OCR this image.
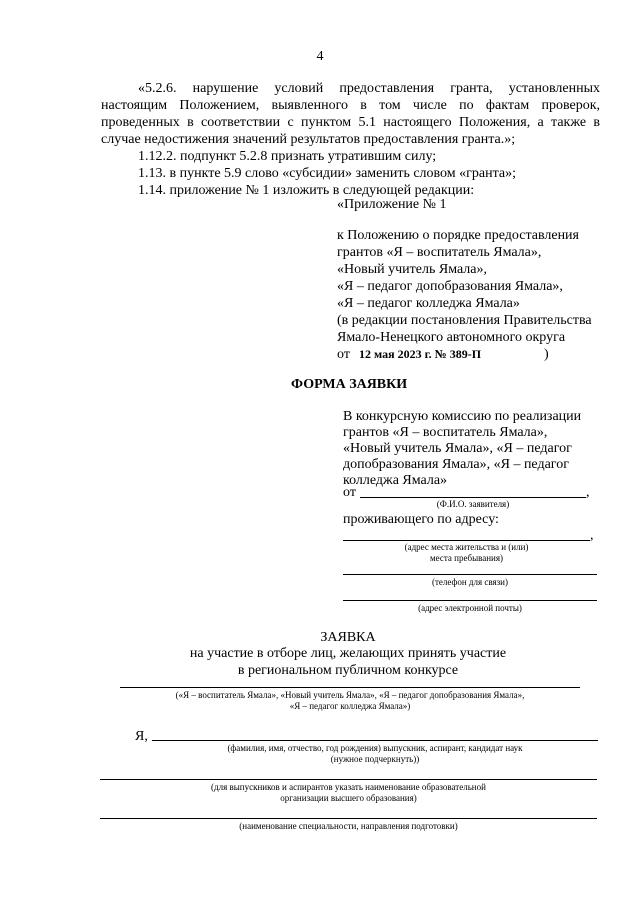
4
«5.2.6. нарушение условий предоставления гранта, установленных
настоящим Положением, выявленного в том числе по фактам проверок,
проведенных в соответствии с пунктом 5.1 настоящего Положения, а также в
случае недостижения значений результатов предоставления гранта.»;
1.12.2. подпункт 5.2.8 признать утратившим силу;
1.13. в пункте 5.9 слово «субсидии» заменить словом «гранта»;
1.14. приложение № 1 изложить в следующей редакции:
«Приложение № 1
к Положению о порядке предоставления
грантов «Я – воспитатель Ямала»,
«Новый учитель Ямала»,
«Я – педагог допобразования Ямала»,
«Я – педагог колледжа Ямала»
(в редакции постановления Правительства
Ямало-Ненецкого автономного округа
от 12 мая 2023 г. № 389-П	)
ФОРМА ЗАЯВКИ
В конкурсную комиссию по реализации
грантов «Я – воспитатель Ямала»,
«Новый учитель Ямала», «Я – педагог
допобразования Ямала», «Я – педагог
колледжа Ямала»
от	,
(Ф.И.О. заявителя)
проживающего по адресу:
,
(адрес места жительства и (или)
места пребывания)
(телефон для связи)
(адрес электронной почты)
ЗАЯВКА
на участие в отборе лиц, желающих принять участие
в региональном публичном конкурсе
(«Я – воспитатель Ямала», «Новый учитель Ямала», «Я – педагог допобразования Ямала»,
«Я – педагог колледжа Ямала»)
Я,
(фамилия, имя, отчество, год рождения) выпускник, аспирант, кандидат наук
(нужное подчеркнуть))
(для выпускников и аспирантов указать наименование образовательной
организации высшего образования)
(наименование специальности, направления подготовки)
